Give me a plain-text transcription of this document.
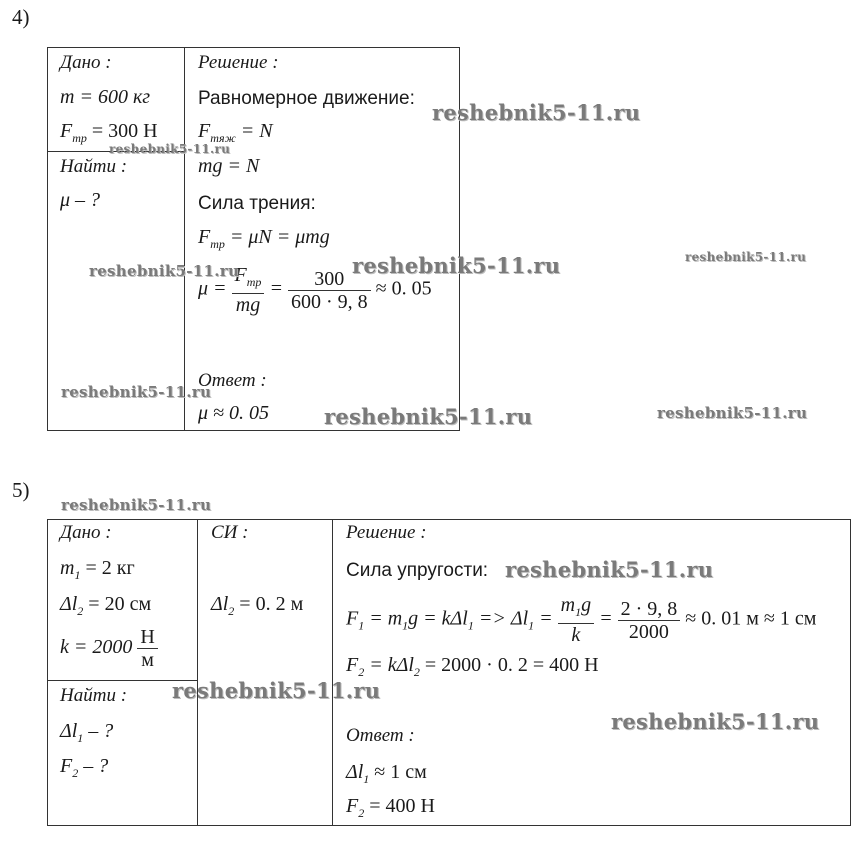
4)
Дано :
m = 600 кг
$F_{тр} = 300$ Н
Найти :
μ – ?
Решение :
Равномерное движение:
$F_{тяж} = N$
mg = N
Сила трения:
$F_{тр} = \mu N = \mu mg$
$\mu = \frac{F_{тр}}{mg} = \frac{300}{600 \cdot 9, 8} \approx 0$. 05
Ответ :
μ ≈ 0. 05
5)
Дано :
$m_1 = 2$ кг
$\Delta l_2 = 20$ см
$k = 2000 \frac{Н}{м}$
Найти :
$\Delta l_1$ – ?
$F_2$ – ?
СИ :
$\Delta l_2 = 0$. 2 м
Решение :
Сила упругости:
$F_1 = m_1g = k\Delta l_1 => \Delta l_1 = \frac{m_1g}{k} = \frac{2 \cdot 9, 8}{2000} \approx 0$. 01 м ≈ 1 см
$F_2 = k\Delta l_2 = 2000 \cdot 0$. 2 = 400 Н
Ответ :
$\Delta l_1 \approx 1$ см
$F_2 = 400$ Н
reshebnik5-11.ru
reshebnik5-11.ru
reshebnik5-11.ru
reshebnik5-11.ru
reshebnik5-11.ru
reshebnik5-11.ru
reshebnik5-11.ru	reshebnik5-11.ru
reshebnik5-11.ru
reshebnik5-11.ru
reshebnik5-11.ru
reshebnik5-11.ru
